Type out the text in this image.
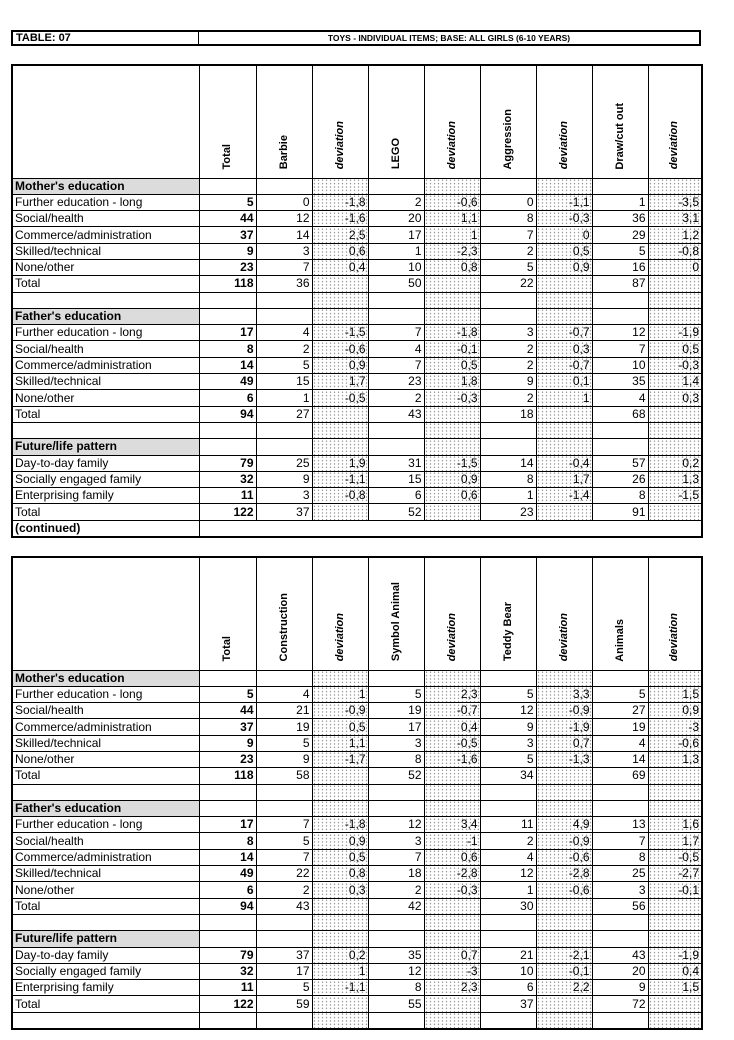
TABLE: 07	TOYS - INDIVIDUAL ITEMS; BASE: ALL GIRLS (6-10 YEARS)
	Total	Barbie	deviation	LEGO	deviation	Aggression	deviation	Draw/cut out	deviation
Mother's education									
Further education - long	5	0	-1,8	2	-0,6	0	-1,1	1	-3,5
Social/health	44	12	-1,6	20	1,1	8	-0,3	36	3,1
Commerce/administration	37	14	2,5	17	1	7	0	29	1,2
Skilled/technical	9	3	0,6	1	-2,3	2	0,5	5	-0,8
None/other	23	7	0,4	10	0,8	5	0,9	16	0
Total	118	36		50		22		87	

Father's education									
Further education - long	17	4	-1,5	7	-1,8	3	-0,7	12	-1,9
Social/health	8	2	-0,6	4	-0,1	2	0,3	7	0,5
Commerce/administration	14	5	0,9	7	0,5	2	-0,7	10	-0,3
Skilled/technical	49	15	1,7	23	1,8	9	0,1	35	1,4
None/other	6	1	-0,5	2	-0,3	2	1	4	0,3
Total	94	27		43		18		68	

Future/life pattern									
Day-to-day family	79	25	1,9	31	-1,5	14	-0,4	57	0,2
Socially engaged family	32	9	-1,1	15	0,9	8	1,7	26	1,3
Enterprising family	11	3	-0,8	6	0,6	1	-1,4	8	-1,5
Total	122	37		52		23		91	
(continued)									
	Total	Construction	deviation	Symbol Animal	deviation	Teddy Bear	deviation	Animals	deviation
Mother's education									
Further education - long	5	4	1	5	2,3	5	3,3	5	1,5
Social/health	44	21	-0,9	19	-0,7	12	-0,9	27	0,9
Commerce/administration	37	19	0,5	17	0,4	9	-1,9	19	-3
Skilled/technical	9	5	1,1	3	-0,5	3	0,7	4	-0,6
None/other	23	9	-1,7	8	-1,6	5	-1,3	14	1,3
Total	118	58		52		34		69	

Father's education									
Further education - long	17	7	-1,8	12	3,4	11	4,9	13	1,6
Social/health	8	5	0,9	3	-1	2	-0,9	7	1,7
Commerce/administration	14	7	0,5	7	0,6	4	-0,6	8	-0,5
Skilled/technical	49	22	0,8	18	-2,8	12	-2,8	25	-2,7
None/other	6	2	0,3	2	-0,3	1	-0,6	3	-0,1
Total	94	43		42		30		56	

Future/life pattern									
Day-to-day family	79	37	0,2	35	0,7	21	-2,1	43	-1,9
Socially engaged family	32	17	1	12	-3	10	-0,1	20	0,4
Enterprising family	11	5	-1,1	8	2,3	6	2,2	9	1,5
Total	122	59		55		37		72	
